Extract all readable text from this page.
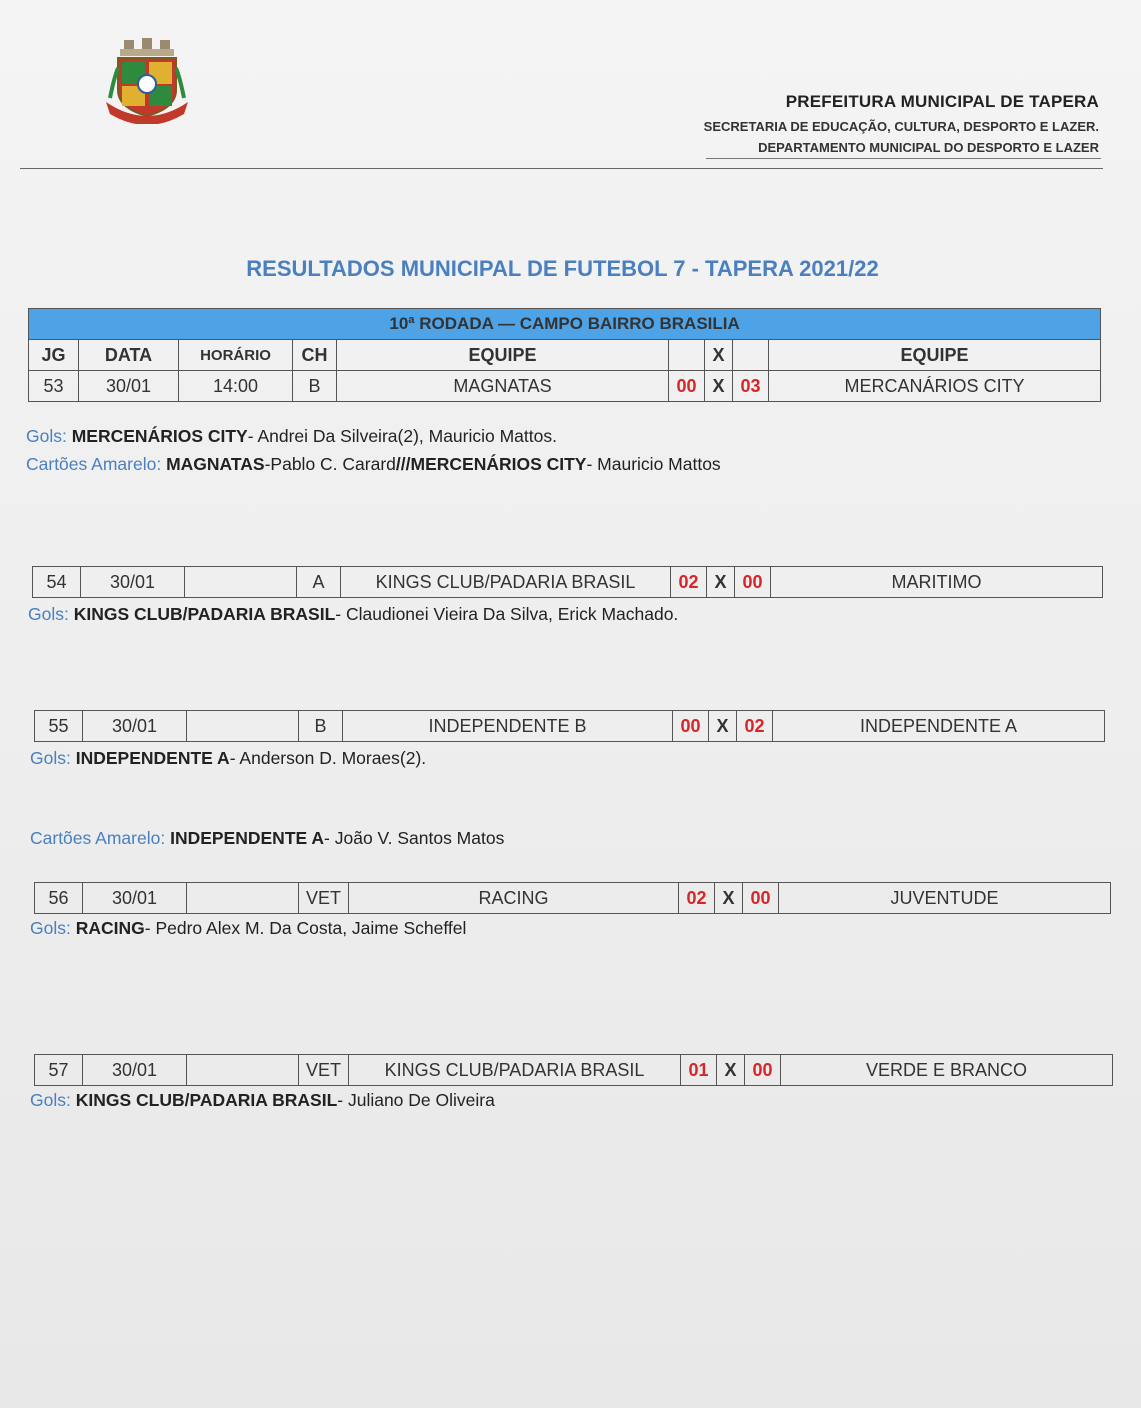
PREFEITURA MUNICIPAL DE TAPERA
SECRETARIA DE EDUCAÇÃO, CULTURA, DESPORTO E LAZER.
DEPARTAMENTO MUNICIPAL DO DESPORTO E LAZER
RESULTADOS MUNICIPAL DE FUTEBOL 7 - TAPERA 2021/22
10ª RODADA — CAMPO BAIRRO BRASILIA								
JG	DATA	HORÁRIO	CH	EQUIPE		X		EQUIPE
53	30/01	14:00	B	MAGNATAS	00	X	03	MERCANÁRIOS CITY
Gols: MERCENÁRIOS CITY- Andrei Da Silveira(2), Mauricio Mattos.
Cartões Amarelo: MAGNATAS-Pablo C. Carard///MERCENÁRIOS CITY- Mauricio Mattos
54	30/01		A	KINGS CLUB/PADARIA BRASIL	02	X	00	MARITIMO
Gols: KINGS CLUB/PADARIA BRASIL- Claudionei Vieira Da Silva, Erick Machado.
55	30/01		B	INDEPENDENTE B	00	X	02	INDEPENDENTE A
Gols: INDEPENDENTE A- Anderson D. Moraes(2).
Cartões Amarelo: INDEPENDENTE A- João V. Santos Matos
56	30/01		VET	RACING	02	X	00	JUVENTUDE
Gols: RACING- Pedro Alex M. Da Costa, Jaime Scheffel
57	30/01		VET	KINGS CLUB/PADARIA BRASIL	01	X	00	VERDE E BRANCO
Gols: KINGS CLUB/PADARIA BRASIL- Juliano De Oliveira
